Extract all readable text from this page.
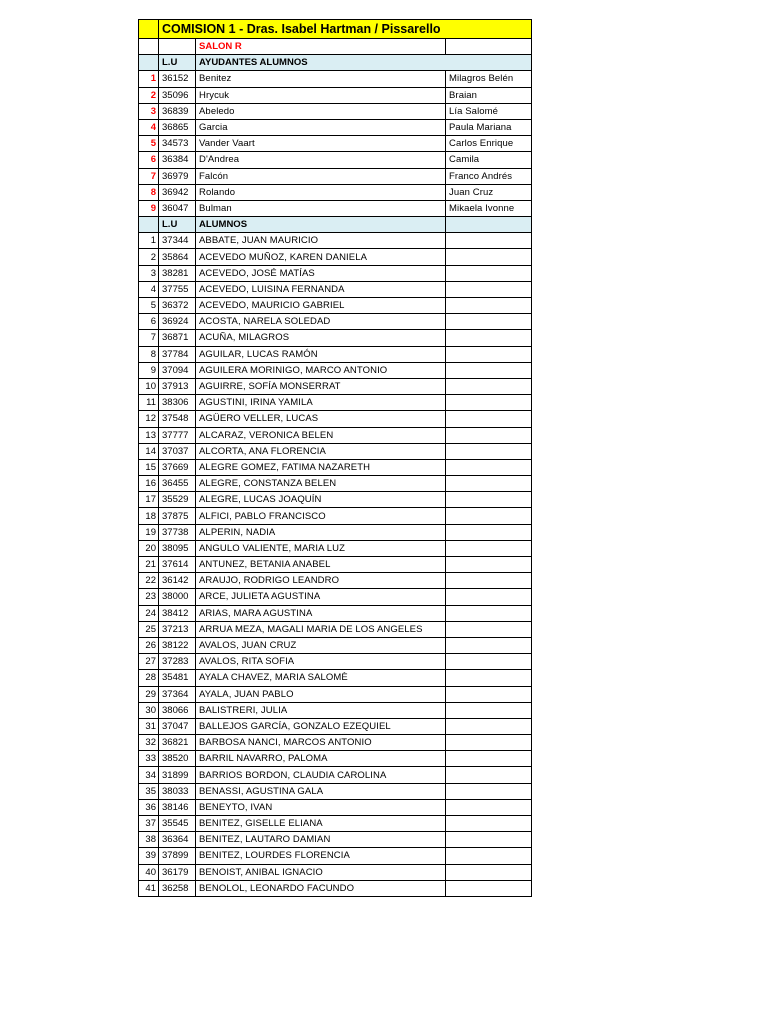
	COMISION 1 - Dras. Isabel Hartman / Pissarello		
		SALON R	
	L.U	AYUDANTES ALUMNOS	
1	36152	Benitez	Milagros Belén
2	35096	Hrycuk	Braian
3	36839	Abeledo	Lía Salomé
4	36865	Garcia	Paula Mariana
5	34573	Vander Vaart	Carlos Enrique
6	36384	D'Andrea	Camila
7	36979	Falcón	Franco Andrés
8	36942	Rolando	Juan Cruz
9	36047	Bulman	Mikaela Ivonne
	L.U	ALUMNOS	
1	37344	ABBATE, JUAN MAURICIO	
2	35864	ACEVEDO MUÑOZ, KAREN DANIELA	
3	38281	ACEVEDO, JOSÉ MATÍAS	
4	37755	ACEVEDO, LUISINA FERNANDA	
5	36372	ACEVEDO, MAURICIO GABRIEL	
6	36924	ACOSTA, NARELA SOLEDAD	
7	36871	ACUÑA, MILAGROS	
8	37784	AGUILAR, LUCAS RAMÓN	
9	37094	AGUILERA MORINIGO, MARCO ANTONIO	
10	37913	AGUIRRE, SOFÍA MONSERRAT	
11	38306	AGUSTINI, IRINA YAMILA	
12	37548	AGÜERO VELLER, LUCAS	
13	37777	ALCARAZ, VERONICA BELEN	
14	37037	ALCORTA, ANA FLORENCIA	
15	37669	ALEGRE GOMEZ, FATIMA NAZARETH	
16	36455	ALEGRE, CONSTANZA BELEN	
17	35529	ALEGRE, LUCAS JOAQUÍN	
18	37875	ALFICI, PABLO FRANCISCO	
19	37738	ALPERIN, NADIA	
20	38095	ANGULO VALIENTE, MARIA LUZ	
21	37614	ANTUNEZ, BETANIA ANABEL	
22	36142	ARAUJO, RODRIGO LEANDRO	
23	38000	ARCE, JULIETA AGUSTINA	
24	38412	ARIAS, MARA AGUSTINA	
25	37213	ARRUA MEZA, MAGALI MARIA DE LOS ANGELES	
26	38122	AVALOS, JUAN CRUZ	
27	37283	AVALOS, RITA SOFIA	
28	35481	AYALA CHAVEZ, MARIA SALOMÈ	
29	37364	AYALA, JUAN PABLO	
30	38066	BALISTRERI, JULIA	
31	37047	BALLEJOS GARCÍA, GONZALO EZEQUIEL	
32	36821	BARBOSA NANCI, MARCOS ANTONIO	
33	38520	BARRIL NAVARRO, PALOMA	
34	31899	BARRIOS BORDON, CLAUDIA CAROLINA	
35	38033	BENASSI, AGUSTINA GALA	
36	38146	BENEYTO, IVAN	
37	35545	BENITEZ, GISELLE ELIANA	
38	36364	BENITEZ, LAUTARO DAMIAN	
39	37899	BENITEZ, LOURDES FLORENCIA	
40	36179	BENOIST, ANIBAL IGNACIO	
41	36258	BENOLOL, LEONARDO FACUNDO	
